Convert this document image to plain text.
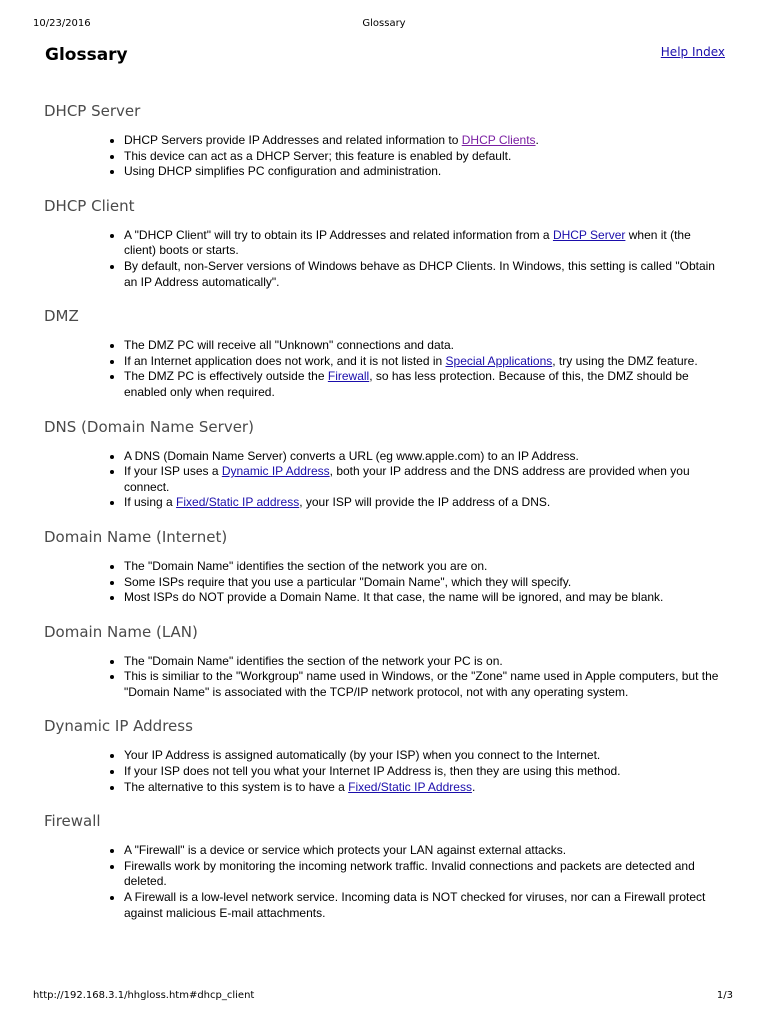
10/23/2016	Glossary
Glossary	Help Index
DHCP Server
• DHCP Servers provide IP Addresses and related information to DHCP Clients.
• This device can act as a DHCP Server; this feature is enabled by default.
• Using DHCP simplifies PC configuration and administration.
DHCP Client
• A "DHCP Client" will try to obtain its IP Addresses and related information from a DHCP Server when it (the client) boots or starts.
• By default, non-Server versions of Windows behave as DHCP Clients. In Windows, this setting is called "Obtain an IP Address automatically".
DMZ
• The DMZ PC will receive all "Unknown" connections and data.
• If an Internet application does not work, and it is not listed in Special Applications, try using the DMZ feature.
• The DMZ PC is effectively outside the Firewall, so has less protection. Because of this, the DMZ should be enabled only when required.
DNS (Domain Name Server)
• A DNS (Domain Name Server) converts a URL (eg www.apple.com) to an IP Address.
• If your ISP uses a Dynamic IP Address, both your IP address and the DNS address are provided when you connect.
• If using a Fixed/Static IP address, your ISP will provide the IP address of a DNS.
Domain Name (Internet)
• The "Domain Name" identifies the section of the network you are on.
• Some ISPs require that you use a particular "Domain Name", which they will specify.
• Most ISPs do NOT provide a Domain Name. It that case, the name will be ignored, and may be blank.
Domain Name (LAN)
• The "Domain Name" identifies the section of the network your PC is on.
• This is similiar to the "Workgroup" name used in Windows, or the "Zone" name used in Apple computers, but the "Domain Name" is associated with the TCP/IP network protocol, not with any operating system.
Dynamic IP Address
• Your IP Address is assigned automatically (by your ISP) when you connect to the Internet.
• If your ISP does not tell you what your Internet IP Address is, then they are using this method.
• The alternative to this system is to have a Fixed/Static IP Address.
Firewall
• A "Firewall" is a device or service which protects your LAN against external attacks.
• Firewalls work by monitoring the incoming network traffic. Invalid connections and packets are detected and deleted.
• A Firewall is a low-level network service. Incoming data is NOT checked for viruses, nor can a Firewall protect against malicious E-mail attachments.
http://192.168.3.1/hhgloss.htm#dhcp_client	1/3
